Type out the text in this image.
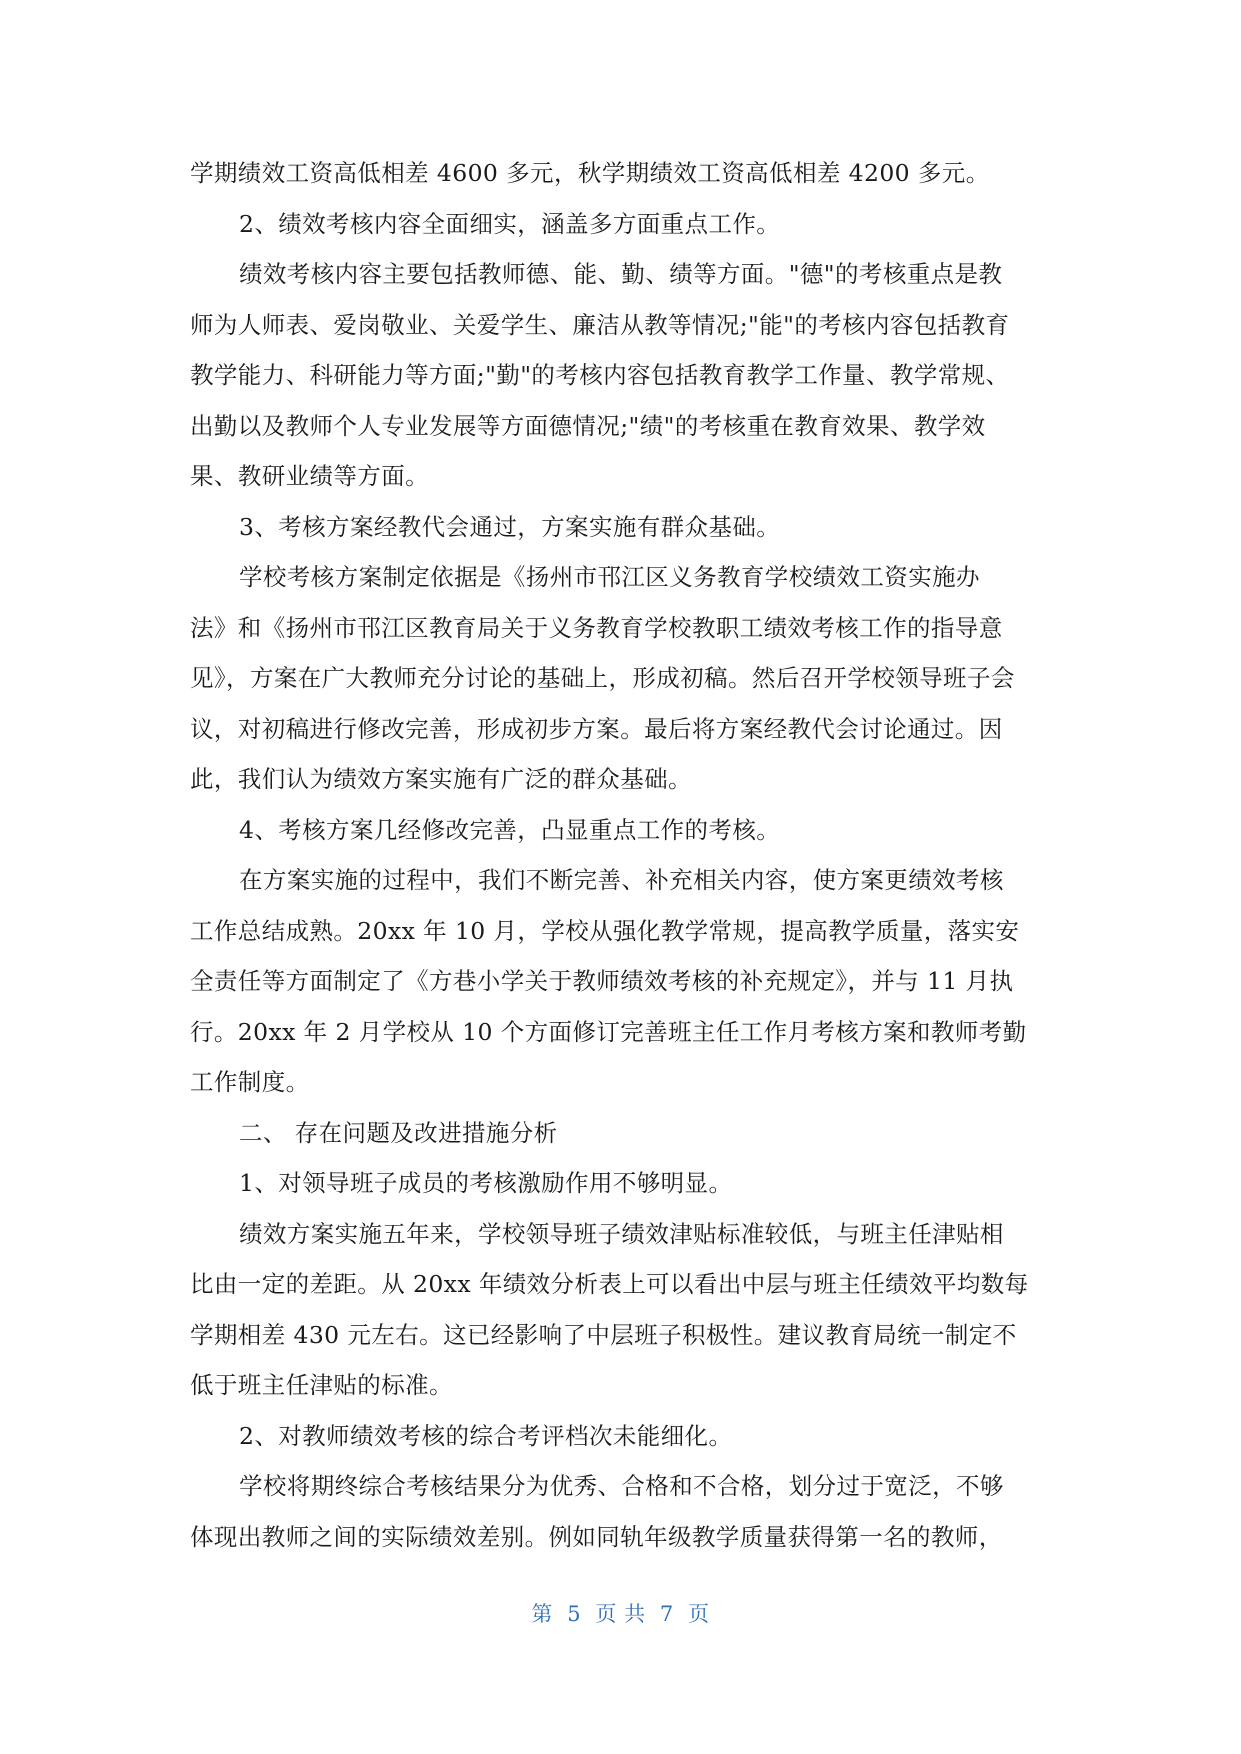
学期绩效工资高低相差 4600 多元，秋学期绩效工资高低相差 4200 多元。
2、绩效考核内容全面细实，涵盖多方面重点工作。
绩效考核内容主要包括教师德、能、勤、绩等方面。"德"的考核重点是教
师为人师表、爱岗敬业、关爱学生、廉洁从教等情况;"能"的考核内容包括教育
教学能力、科研能力等方面;"勤"的考核内容包括教育教学工作量、教学常规、
出勤以及教师个人专业发展等方面德情况;"绩"的考核重在教育效果、教学效
果、教研业绩等方面。
3、考核方案经教代会通过，方案实施有群众基础。
学校考核方案制定依据是《扬州市邗江区义务教育学校绩效工资实施办
法》和《扬州市邗江区教育局关于义务教育学校教职工绩效考核工作的指导意
见》，方案在广大教师充分讨论的基础上，形成初稿。然后召开学校领导班子会
议，对初稿进行修改完善，形成初步方案。最后将方案经教代会讨论通过。因
此，我们认为绩效方案实施有广泛的群众基础。
4、考核方案几经修改完善，凸显重点工作的考核。
在方案实施的过程中，我们不断完善、补充相关内容，使方案更绩效考核
工作总结成熟。20xx 年 10 月，学校从强化教学常规，提高教学质量，落实安
全责任等方面制定了《方巷小学关于教师绩效考核的补充规定》，并与 11 月执
行。20xx 年 2 月学校从 10 个方面修订完善班主任工作月考核方案和教师考勤
工作制度。
二、 存在问题及改进措施分析
1、对领导班子成员的考核激励作用不够明显。
绩效方案实施五年来，学校领导班子绩效津贴标准较低，与班主任津贴相
比由一定的差距。从 20xx 年绩效分析表上可以看出中层与班主任绩效平均数每
学期相差 430 元左右。这已经影响了中层班子积极性。建议教育局统一制定不
低于班主任津贴的标准。
2、对教师绩效考核的综合考评档次未能细化。
学校将期终综合考核结果分为优秀、合格和不合格，划分过于宽泛，不够
体现出教师之间的实际绩效差别。例如同轨年级教学质量获得第一名的教师，
第  5  页 共  7  页
